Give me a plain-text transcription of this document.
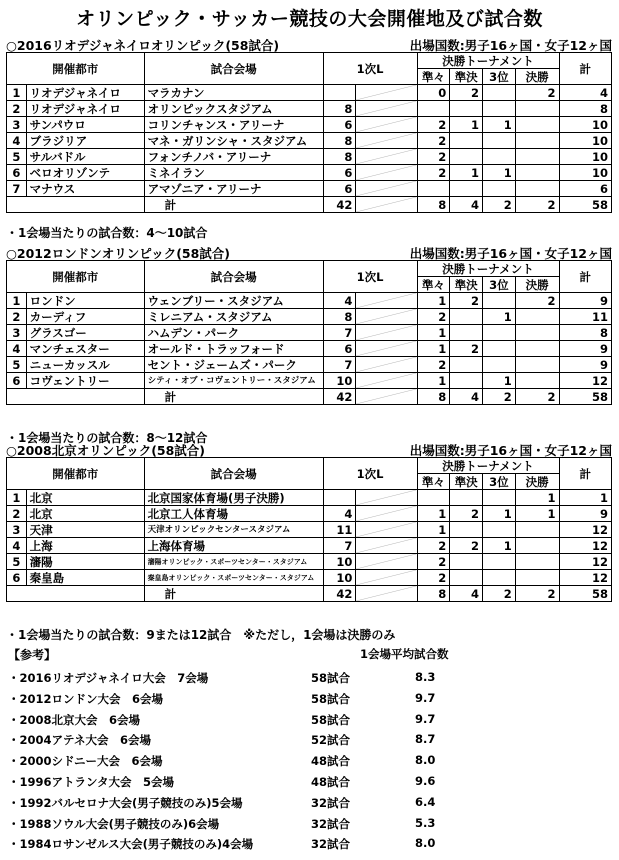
オリンピック・サッカー競技の大会開催地及び試合数
○2016リオデジャネイロオリンピック(58試合)	出場国数:男子16ヶ国・女子12ヶ国
開催都市		試合会場	1次L		決勝トーナメント				計
					準々	準決	3位	決勝	
1	リオデジャネイロ	マラカナン			0	2		2	4
2	リオデジャネイロ	オリンピックスタジアム	8						8
3	サンパウロ	コリンチャンス・アリーナ	6		2	1	1		10
4	ブラジリア	マネ・ガリンシャ・スタジアム	8		2				10
5	サルバドル	フォンチノバ・アリーナ	8		2				10
6	ベロオリゾンテ	ミネイラン	6		2	1	1		10
7	マナウス	アマゾニア・アリーナ	6						6
		計	42		8	4	2	2	58
・1会場当たりの試合数：4～10試合
○2012ロンドンオリンピック(58試合)	出場国数:男子16ヶ国・女子12ヶ国
開催都市		試合会場	1次L		決勝トーナメント				計
					準々	準決	3位	決勝	
1	ロンドン	ウェンブリー・スタジアム	4		1	2		2	9
2	カーディフ	ミレニアム・スタジアム	8		2		1		11
3	グラスゴー	ハムデン・パーク	7		1				8
4	マンチェスター	オールド・トラッフォード	6		1	2			9
5	ニューカッスル	セント・ジェームズ・パーク	7		2				9
6	コヴェントリー	シティ・オブ・コヴェントリー・スタジアム	10		1		1		12
		計	42		8	4	2	2	58
・1会場当たりの試合数：8～12試合
○2008北京オリンピック(58試合)	出場国数:男子16ヶ国・女子12ヶ国
開催都市		試合会場	1次L		決勝トーナメント				計
					準々	準決	3位	決勝	
1	北京	北京国家体育場(男子決勝)						1	1
2	北京	北京工人体育場	4		1	2	1	1	9
3	天津	天津オリンピックセンタースタジアム	11		1				12
4	上海	上海体育場	7		2	2	1		12
5	瀋陽	瀋陽オリンピック・スポーツセンター・スタジアム	10		2				12
6	秦皇島	秦皇島オリンピック・スポーツセンター・スタジアム	10		2				12
		計	42		8	4	2	2	58
・1会場当たりの試合数：9または12試合　※ただし，1会場は決勝のみ
【参考】	1会場平均試合数
・2016リオデジャネイロ大会　7会場	58試合	8.3
・2012ロンドン大会　6会場	58試合	9.7
・2008北京大会　6会場	58試合	9.7
・2004アテネ大会　6会場	52試合	8.7
・2000シドニー大会　6会場	48試合	8.0
・1996アトランタ大会　5会場	48試合	9.6
・1992バルセロナ大会(男子競技のみ)5会場	32試合	6.4
・1988ソウル大会(男子競技のみ)6会場	32試合	5.3
・1984ロサンゼルス大会(男子競技のみ)4会場	32試合	8.0
